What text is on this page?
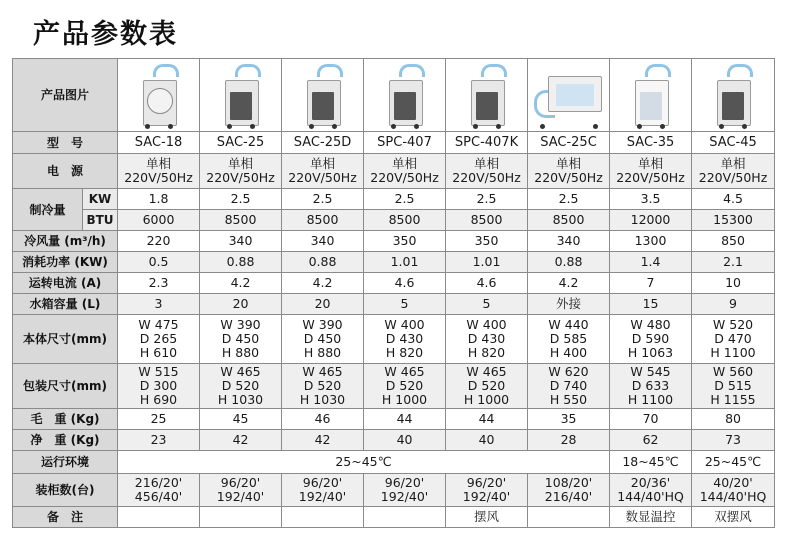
产品参数表
产品图片		

型　号		SAC-18	SAC-25	SAC-25D	SPC-407	SPC-407K	SAC-25C	SAC-35	SAC-45
电　源		单相
220V/50Hz	单相
220V/50Hz	单相
220V/50Hz	单相
220V/50Hz	单相
220V/50Hz	单相
220V/50Hz	单相
220V/50Hz	单相
220V/50Hz

制冷量	KW	1.8	2.5	2.5	2.5	2.5	2.5	3.5	4.5
	BTU	6000	8500	8500	8500	8500	8500	12000	15300
冷风量 (m³/h)		220	340	340	350	350	340	1300	850
消耗功率 (KW)		0.5	0.88	0.88	1.01	1.01	0.88	1.4	2.1
运转电流 (A)		2.3	4.2	4.2	4.6	4.6	4.2	7	10
水箱容量 (L)		3	20	20	5	5	外接	15	9
本体尺寸(mm)		W 475
D 265
H 610	W 390
D 450
H 880	W 390
D 450
H 880	W 400
D 430
H 820	W 400
D 430
H 820	W 440
D 585
H 400	W 480
D 590
H 1063	W 520
D 470
H 1100

包装尺寸(mm)		W 515
D 300
H 690	W 465
D 520
H 1030	W 465
D 520
H 1030	W 465
D 520
H 1000	W 465
D 520
H 1000	W 620
D 740
H 550	W 545
D 633
H 1100	W 560
D 515
H 1155

毛　重 (Kg)		25	45	46	44	44	35	70	80
净　重 (Kg)		23	42	42	40	40	28	62	73
运行环境		25~45℃						18~45℃	25~45℃
装柜数(台)		216/20'
456/40'	96/20'
192/40'	96/20'
192/40'	96/20'
192/40'	96/20'
192/40'	108/20'
216/40'	20/36'
144/40'HQ	40/20'
144/40'HQ

备　注						摆风		数显温控	双摆风
